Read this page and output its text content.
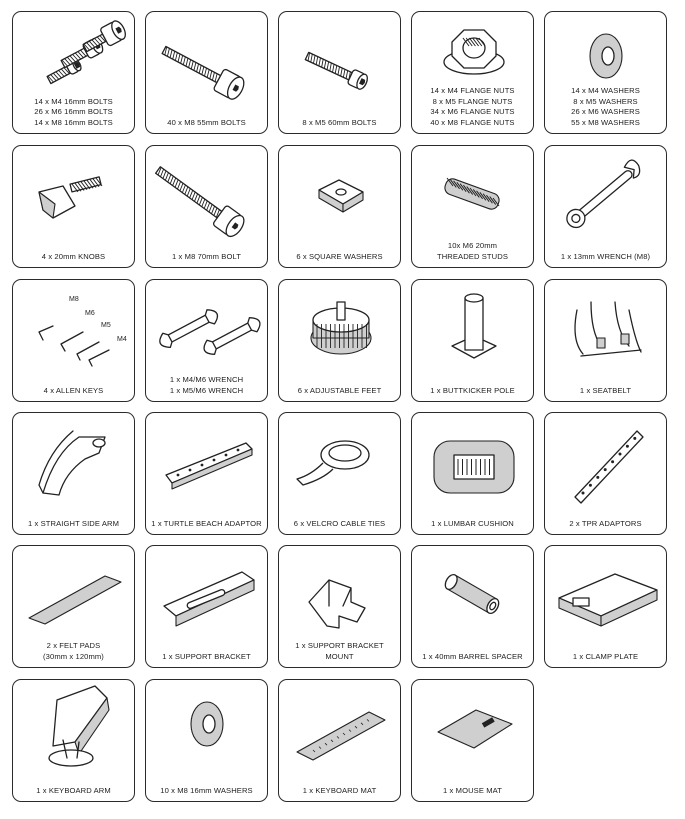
14 x M4 16mm BOLTS
26 x M6 16mm BOLTS
14 x M8 16mm BOLTS	40 x M8 55mm BOLTS	8 x M5 60mm BOLTS
14 x M4 FLANGE NUTS
8 x M5 FLANGE NUTS
34 x M6 FLANGE NUTS
40 x M8 FLANGE NUTS
14 x M4 WASHERS
8 x M5 WASHERS
26 x M6 WASHERS
55 x M8 WASHERS
4 x 20mm KNOBS	1 x M8 70mm BOLT	6 x SQUARE WASHERS
10x M6 20mm
THREADED STUDS	1 x 13mm WRENCH (M8)
M8
M6
M5
M4
4 x ALLEN KEYS
1 x M4/M6 WRENCH
1 x M5/M6 WRENCH	6 x ADJUSTABLE FEET	1 x BUTTKICKER POLE	1 x SEATBELT
1 x STRAIGHT SIDE ARM	1 x TURTLE BEACH ADAPTOR	6 x VELCRO CABLE TIES	1 x LUMBAR CUSHION	2 x TPR ADAPTORS
2 x FELT PADS
(30mm x 120mm)	1 x SUPPORT BRACKET
1 x SUPPORT BRACKET
MOUNT	1 x 40mm BARREL SPACER	1 x CLAMP PLATE
1 x KEYBOARD ARM	10 x M8 16mm WASHERS	1 x KEYBOARD MAT	1 x MOUSE MAT
